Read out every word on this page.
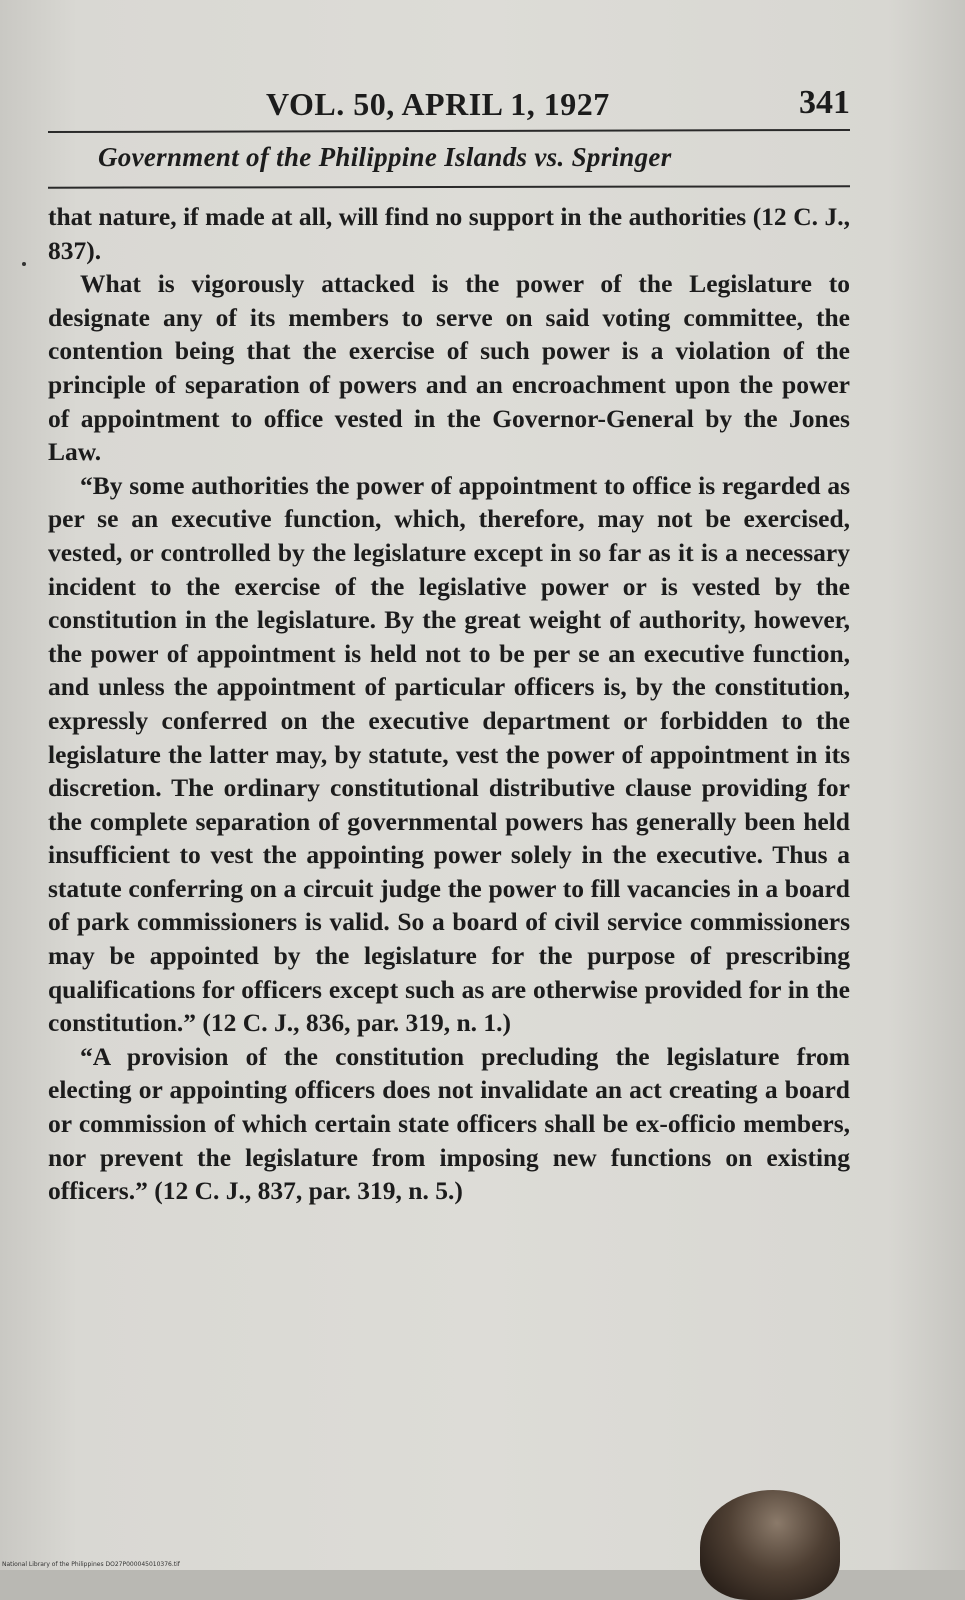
VOL. 50, APRIL 1, 1927	341
Government of the Philippine Islands vs. Springer

that nature, if made at all, will find no support in the authorities (12 C. J., 837).

What is vigorously attacked is the power of the Legislature to designate any of its members to serve on said voting committee, the contention being that the exercise of such power is a violation of the principle of separation of powers and an encroachment upon the power of appointment to office vested in the Governor-General by the Jones Law.

“By some authorities the power of appointment to office is regarded as per se an executive function, which, therefore, may not be exercised, vested, or controlled by the legislature except in so far as it is a necessary incident to the exercise of the legislative power or is vested by the constitution in the legislature. By the great weight of authority, however, the power of appointment is held not to be per se an executive function, and unless the appointment of particular officers is, by the constitution, expressly conferred on the executive department or forbidden to the legislature the latter may, by statute, vest the power of appointment in its discretion. The ordinary constitutional distributive clause providing for the complete separation of governmental powers has generally been held insufficient to vest the appointing power solely in the executive. Thus a statute conferring on a circuit judge the power to fill vacancies in a board of park commissioners is valid. So a board of civil service commissioners may be appointed by the legislature for the purpose of prescribing qualifications for officers except such as are otherwise provided for in the constitution.” (12 C. J., 836, par. 319, n. 1.)

“A provision of the constitution precluding the legislature from electing or appointing officers does not invalidate an act creating a board or commission of which certain state officers shall be ex-officio members, nor prevent the legislature from imposing new functions on existing officers.” (12 C. J., 837, par. 319, n. 5.)

National Library of the Philippines DO27P000045010376.tif
